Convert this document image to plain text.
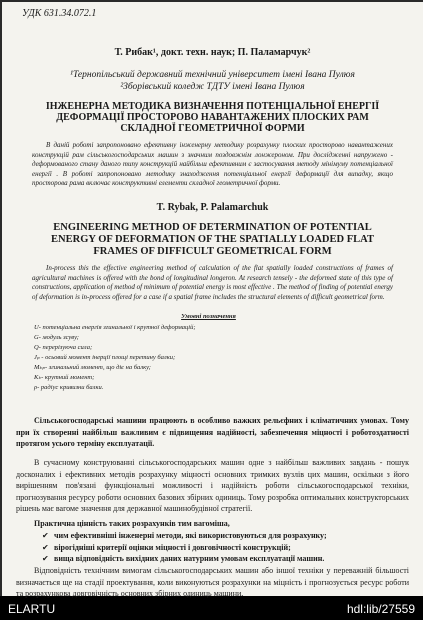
УДК 631.34.072.1
Т. Рибак¹, докт. техн. наук; П. Паламарчук²
¹Тернопільський державний технічний університет імені Івана Пулюя
²Зборівський коледж ТДТУ імені Івана Пулюя
ІНЖЕНЕРНА МЕТОДИКА ВИЗНАЧЕННЯ ПОТЕНЦІАЛЬНОЇ ЕНЕРГІЇ ДЕФОРМАЦІЇ ПРОСТОРОВО НАВАНТАЖЕНИХ ПЛОСКИХ РАМ СКЛАДНОЇ ГЕОМЕТРИЧНОЇ ФОРМИ
В даній роботі запропоновано ефективну інженерну методику розрахунку плоских просторово навантажених конструкцій рам сільськогосподарських машин з значним поздовжнім лонжероном. При дослідженні напружено - деформованого стану даного типу конструкцій найбільш ефективним є застосування методу мінімуму потенціальної енергії . В роботі запропоновано методику знаходження потенціальної енергії деформації для випадку, якщо просторова рама включає конструктивні елементи складної геометричної форми.
T. Rybak, P. Palamarchuk
ENGINEERING METHOD OF DETERMINATION OF POTENTIAL ENERGY OF DEFORMATION OF THE SPATIALLY LOADED FLAT FRAMES OF DIFFICULT GEOMETRICAL FORM
In-process this the effective engineering method of calculation of the flat spatially loaded constructions of frames of agricultural machines is offered with the bond of longitudinal longeron. At research tensely - the deformed state of this type of constructions, application of method of minimum of potential energy is most effective . The method of finding of potential energy of deformation is in-process offered for a case if a spatial frame includes the structural elements of difficult geometrical form.
Умовні позначення
U- потенціальна енергія згинальної і крутної деформацій;
G- модуль зсуву;
Q- перерізуюча сила;
Jₚ - осьовий момент інерції площі перетину балки;
Mₖₚ- згинальний момент, що діє на балку;
Kₖ- крутний момент;
ρ- радіус кривизни балки.
Сільськогосподарські машини працюють в особливо важких рельєфних і кліматичних умовах. Тому при їх створенні найбільш важливим є підвищення надійності, забезпечення міцності і роботоздатності протягом усього терміну експлуатації.
В сучасному конструюванні сільськогосподарських машин одне з найбільш важливих завдань - пошук досконалих і ефективних методів розрахунку міцності основних тримких вузлів цих машин, оскільки з його вирішенням пов'язані функціональні можливості і надійність роботи сільськогосподарської техніки, прогнозування ресурсу роботи основних базових збірних одиниць. Тому розробка оптимальних конструкторських рішень має вагоме значення для державної машинобудівної стратегії.
Практична цінність таких розрахунків тим вагоміша,
✔ чим ефективніші інженерні методи, які використовуються для розрахунку;
✔ вірогідніші критерії оцінки міцності і довговічності конструкцій;
✔ вища відповідність вихідних даних натурним умовам експлуатації машин.
Відповідність технічним вимогам сільськогосподарських машин або іншої техніки у переважній більшості визначається ще на стадії проектування, коли виконуються розрахунки на міцність і прогнозується ресурс роботи та розрахункова довговічність основних збірних одиниць машини.
ELARTU	hdl:lib/27559
